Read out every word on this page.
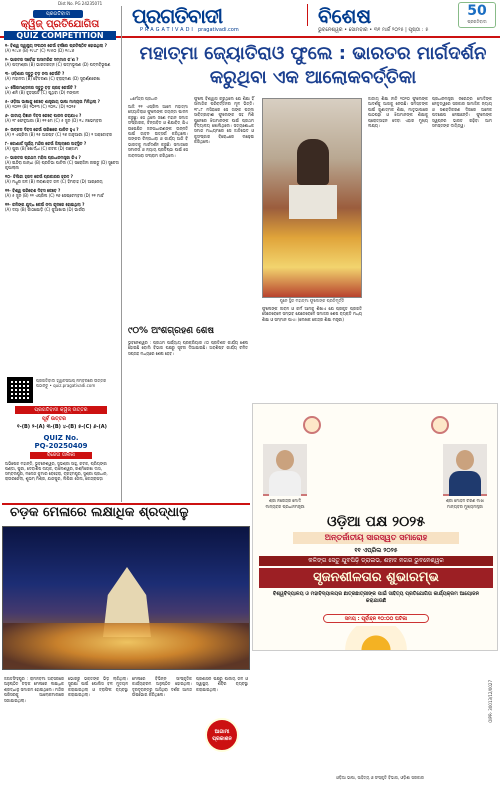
Dist No. PG 24235071
ପ୍ରଗତିବାଦୀ
PRAGATIVADI pragativadi.com
ବିଶେଷ
ଭୁବନେଶ୍ୱର • ସୋମବାର • ୩୧ ମାର୍ଚ୍ଚ ୨୦୨୫ | ପୃଷ୍ଠା : ୫
50
ପ୍ରଗତିବାଦୀ
ପ୍ରଗତିବାଦୀ
କ୍ୱିଜ୍ ପ୍ରତିଯୋଗିତା
QUIZ COMPETITION
୧- ବିଶ୍ୱ ସ୍ୱାସ୍ଥ୍ୟ ସଂଗଠନ କେଉଁ ବର୍ଷରେ ପ୍ରତିଷ୍ଠିତ ହୋଇଥିଲା ?
(A) ୧୯୪୫ (B) ୧୯୪୮ (C) ୧୯୫୦ (D) ୧୯୪୬
୨- ଭାରତର ସର୍ବୋଚ୍ଚ ଅସାମରିକ ସମ୍ମାନ କ'ଣ ?
(A) ପଦ୍ମଶ୍ରୀ (B) ଭାରତରତ୍ନ (C) ପଦ୍ମଭୂଷଣ (D) ପଦ୍ମବିଭୂଷଣ
୩- ଓଡ଼ିଶାର ସବୁଠୁ ବଡ଼ ନଦୀ କେଉଁଟି ?
(A) ମହାନଦୀ (B) ବୈତରଣୀ (C) ବ୍ରାହ୍ମଣୀ (D) ସୁବର୍ଣ୍ଣରେଖା
୪- ସୌରମଣ୍ଡଳର ସବୁଠୁ ବଡ଼ ଗ୍ରହ କେଉଁଟି ?
(A) ଶନି (B) ବୃହସ୍ପତି (C) ପୃଥିବୀ (D) ମଙ୍ଗଳ
୫- ଓଡ଼ିଆ ଭାଷାକୁ କେବେ ଶାସ୍ତ୍ରୀୟ ଭାଷା ମାନ୍ୟତା ମିଳିଥିଲା ?
(A) ୨୦୧୨ (B) ୨୦୧୩ (C) ୨୦୧୪ (D) ୨୦୧୫
୬- ଜାତୀୟ ବିଜ୍ଞାନ ଦିବସ କେବେ ପାଳନ କରାଯାଏ ?
(A) ୨୮ ଫେବୃଆରୀ (B) ୧୧ ମେ (C) ୫ ଜୁନ (D) ୧୪ ନଭେମ୍ବର
୭- ଉତ୍କଳ ଦିବସ କେଉଁ ତାରିଖରେ ପାଳିତ ହୁଏ ?
(A) ୧ ଏପ୍ରିଲ (B) ୧୫ ଅଗଷ୍ଟ (C) ୨୬ ଜାନୁଆରୀ (D) ୨ ଅକ୍ଟୋବର
୮- କୋଣାର୍କ ସୂର୍ଯ୍ୟ ମନ୍ଦିର କେଉଁ ଜିଲ୍ଲାରେ ଅବସ୍ଥିତ ?
(A) ପୁରୀ (B) ଖୋର୍ଦ୍ଧା (C) କଟକ (D) ଗଞ୍ଜାମ
୯- ଭାରତର ପ୍ରଥମ ମହିଳା ପ୍ରଧାନମନ୍ତ୍ରୀ କିଏ ?
(A) ଇନ୍ଦିରା ଗାନ୍ଧୀ (B) ପ୍ରତିଭା ପାଟିଲ (C) ସରୋଜିନୀ ନାଇଡୁ (D) ସୁଚେତା କୃପାଲାନୀ
୧୦- ଚିଲିକା ହ୍ରଦ କେଉଁ ପ୍ରକାରର ହ୍ରଦ ?
(A) ମଧୁର ଜଳ (B) ଲବଣାକ୍ତ ଜଳ (C) ହିମବାହ (D) ଆଗ୍ନେୟ
୧୧- ବିଶ୍ୱ ପରିବେଶ ଦିବସ କେବେ ?
(A) ୫ ଜୁନ (B) ୨୨ ଏପ୍ରିଲ (C) ୧୬ ସେପ୍ଟେମ୍ବର (D) ୨୧ ମାର୍ଚ୍ଚ
୧୨- କଳିଙ୍ଗ ଯୁଦ୍ଧ କେଉଁ ନଦୀ କୂଳରେ ହୋଇଥିଲା ?
(A) ଦୟା (B) କାଠଯୋଡ଼ି (C) କୁଆଖାଇ (D) ଭାର୍ଗବୀ
ପ୍ରଗତିବାଦୀ ହ୍ୱାଟସଆପ୍ ନମ୍ବରରେ ଉତ୍ତର ପଠାନ୍ତୁ • quiz.pragativadi.com
ପ୍ରଗତିବାଦୀ କ୍ୱିଜ୍ ଉତ୍ତର
ପୂର୍ବ ଉତ୍ତର
୧-(B) ୨-(A) ୩-(B) ୪-(B) ୫-(C) ୬-(A)
QUIZ No.
PQ-20250409
ବିଜେତା ତାଲିକା
ଅଭିଷେକ ମହାନ୍ତି, ଭୁବନେଶ୍ୱର, ସୁଭଶ୍ରୀ ସାହୁ, କଟକ, ପ୍ରିୟଙ୍କା ପଣ୍ଡା, ପୁରୀ, ଦେବାଶିଷ ନାୟକ, ବାଲେଶ୍ୱର, ରଶ୍ମିରେଖା ଦାସ, ସମ୍ବଲପୁର, ମନୋଜ କୁମାର ବେହେରା, ବ୍ରହ୍ମପୁର, ସୁଶ୍ରୀ ପ୍ରଧାନ, ରାଉରକେଲା, ଶୁଭମ୍ ମିଶ୍ର, ଯାଜପୁର, ଲିପିକା ଜେନା, କେନ୍ଦ୍ରାପଡ଼ା
ମହାତ୍ମା ଜ୍ୟୋତିରାଓ ଫୁଲେ : ଭାରତର ମାର୍ଗଦର୍ଶନ କରୁଥିବା ଏକ ଆଲୋକବର୍ତ୍ତିକା
ଧର୍ମେନ୍ଦ୍ର ପ୍ରଧାନ
ଆଜି ୧୧ ଏପ୍ରିଲ ଆମେ ମହାତ୍ମା ଜ୍ୟୋତିରାଓ ଫୁଲେଙ୍କ ଜୟନ୍ତୀ ପାଳନ କରୁଛୁ। ସେ ଥିଲେ ଜଣେ ମହାନ ସମାଜ ସଂସ୍କାରକ, ଚିନ୍ତାବିତ ଓ ଶିକ୍ଷାବିତ୍ ଯିଏ ଉପେକ୍ଷିତ ଜନସାଧାରଣଙ୍କ ଉନ୍ନତି ପାଇଁ ଜୀବନ ଉତ୍ସର୍ଗ କରିଥିଲେ। ତାଙ୍କର ଚିନ୍ତାଧାରା ଓ କାର୍ଯ୍ୟ ଆଜି ବି ଭାରତକୁ ମାର୍ଗଦର୍ଶନ କରୁଛି। ସମାଜରେ ସମାନତା ଓ ନ୍ୟାୟ ପ୍ରତିଷ୍ଠା ପାଇଁ ସେ ଜୀବନସାରା ସଂଗ୍ରାମ କରିଥିଲେ।
ଫୁଲେ ବିଶ୍ୱାସ କରୁଥିଲେ ଯେ ଶିକ୍ଷା ହିଁ ସାମାଜିକ ପରିବର୍ତ୍ତନର ମୂଳ ଭିତ୍ତି। ୧୮୪୮ ମସିହାରେ ସେ ତାଙ୍କ ପତ୍ନୀ ସାବିତ୍ରୀବାଈ ଫୁଲେଙ୍କ ସହ ମିଶି ପୁନେରେ ଝିଅମାନଙ୍କ ପାଇଁ ପ୍ରଥମ ବିଦ୍ୟାଳୟ ଖୋଲିଥିଲେ। ସତ୍ୟଶୋଧକ ସମାଜ ମାଧ୍ୟମରେ ସେ ଜାତିଭେଦ ଓ କୁସଂସ୍କାର ବିରୋଧରେ ଲଢ଼େଇ କରିଥିଲେ।
ପୁନେ ସ୍ଥିତ ମହାତ୍ମା ଫୁଲେଙ୍କ ପ୍ରତିମୂର୍ତ୍ତି
ଜାତୀୟ ଶିକ୍ଷା ନୀତି ୨୦୨୦ ଫୁଲେଙ୍କ ଆଦର୍ଶକୁ ଆଗକୁ ନେଉଛି। ସମସ୍ତଙ୍କ ପାଇଁ ଗୁଣାତ୍ମକ ଶିକ୍ଷା, ମାତୃଭାଷାରେ ପାଠପଢ଼ା ଓ ଝିଅମାନଙ୍କ ଶିକ୍ଷାକୁ ପ୍ରୋତ୍ସାହନ ଦେବା ଏହାର ମୁଖ୍ୟ ଲକ୍ଷ୍ୟ।
ପ୍ରଧାନମନ୍ତ୍ରୀ ନରେନ୍ଦ୍ର ମୋଦିଙ୍କ ନେତୃତ୍ୱରେ ସରକାର ସାମାଜିକ ନ୍ୟାୟ ଓ ସଶକ୍ତିକରଣ ଦିଗରେ ଅନେକ ପଦକ୍ଷେପ ନେଇଛନ୍ତି। ଫୁଲେଙ୍କ ସ୍ୱପ୍ନର ଭାରତ ଗଢ଼ିବା ଆମ ସମସ୍ତଙ୍କ ଦାୟିତ୍ୱ।
ଫୁଲେଙ୍କ ଜୀବନ ଓ କର୍ମ ଆମକୁ ଶିଖାଏ ଯେ ପ୍ରକୃତ ପ୍ରଗତି ସେତେବେଳେ ସମ୍ଭବ ଯେତେବେଳେ ସମାଜର ଶେଷ ବ୍ୟକ୍ତି ମଧ୍ୟ ଶିକ୍ଷା ଓ ସମ୍ମାନ ପାଏ। (ଲେଖକ କେନ୍ଦ୍ର ଶିକ୍ଷା ମନ୍ତ୍ରୀ)
୯୦% ଅଂଶଗ୍ରହଣ ଶେଷ
ଭୁବନେଶ୍ୱର : ପ୍ରଥମ ପର୍ଯ୍ୟାୟ ପ୍ରକ୍ରିୟାର ୯୦ ପ୍ରତିଶତ କାର୍ଯ୍ୟ ଶେଷ ହୋଇଛି ବୋଲି ବିଭାଗ ପକ୍ଷରୁ ସୂଚନା ଦିଆଯାଇଛି। ଅବଶିଷ୍ଟ କାର୍ଯ୍ୟ ଚଳିତ ସପ୍ତାହ ମଧ୍ୟରେ ଶେଷ ହେବ।
ଶ୍ରୀ ନରେନ୍ଦ୍ର ମୋଦି
ମାନ୍ୟବର ପ୍ରଧାନମନ୍ତ୍ରୀ
ଶ୍ରୀ ମୋହନ ଚରଣ ମାଝୀ
ମାନ୍ୟବର ମୁଖ୍ୟମନ୍ତ୍ରୀ
ଓଡ଼ିଆ ପକ୍ଷ ୨୦୨୫
ଅନ୍ତର୍ଜାତୀୟ ସାରସ୍ୱତ ସମାରୋହ
୧୧ ଏପ୍ରିଲ ୨୦୨୫
କଳିଙ୍ଗ ସେତୁ ଯୁବପିଢ଼ି ଡ୍ରାଇଭ, ଶହୀଦ ନଗର ଭୁବନେଶ୍ୱର
ସୃଜନଶୀଳତାର ଶୁଭାରମ୍ଭ
ବିଶ୍ୱବିଦ୍ୟାଳୟ ଓ ମହାବିଦ୍ୟାଳୟର ଛାତ୍ରଛାତ୍ରୀଙ୍କ ପାଇଁ ସାହିତ୍ୟ ପ୍ରତିଯୋଗିତା କାର୍ଯ୍ୟକ୍ରମ ଆୟୋଜନ କରାଯାଉଛି
ସମୟ : ପୂର୍ବାହ୍ନ ୧୦:୦୦ ଘଟିକା
ଓଡ଼ିଆ ଭାଷା, ସାହିତ୍ୟ ଓ ସଂସ୍କୃତି ବିଭାଗ, ଓଡ଼ିଶା ସରକାର
OIPR- 30013/12/0027
ଚଡ଼କ ମେଳାରେ ଲକ୍ଷାଧିକ ଶ୍ରଦ୍ଧାଳୁ
ଜଗତସିଂହପୁର : ରାମନବମୀ ଅବସରରେ ଅନୁଷ୍ଠିତ ଚଡ଼କ ମେଳାରେ ଲକ୍ଷାଧିକ ଶ୍ରଦ୍ଧାଳୁ ସମାଗମ ହୋଇଥିଲେ। ମନ୍ଦିର ପରିସରକୁ ଆଲୋକମାଳାରେ ସଜାଯାଇଥିଲା।
ଭୋରରୁ ଭକ୍ତଙ୍କ ଭିଡ଼ ଲାଗିଥିଲା। ସୁରକ୍ଷା ପାଇଁ ପୋଲିସ ବଳ ମୁତୟନ କରାଯାଇଥିଲା ଓ ଟ୍ରାଫିକ ବ୍ୟବସ୍ଥା କରାଯାଇଥିଲା।
ମେଳାରେ ବିଭିନ୍ନ ସାଂସ୍କୃତିକ କାର୍ଯ୍ୟକ୍ରମ ଅନୁଷ୍ଠିତ ହୋଇଥିଲା। ଦୂରଦୂରାନ୍ତରୁ ଆସିଥିବା ଦର୍ଶକ ଆନନ୍ଦ ଉପଭୋଗ କରିଥିଲେ।
ପ୍ରଶାସନ ପକ୍ଷରୁ ପାନୀୟ ଜଳ ଓ ସ୍ୱାସ୍ଥ୍ୟ ଶିବିର ବ୍ୟବସ୍ଥା କରାଯାଇଥିଲା।
ଆଗାମୀ ପ୍ରକାଶନ
